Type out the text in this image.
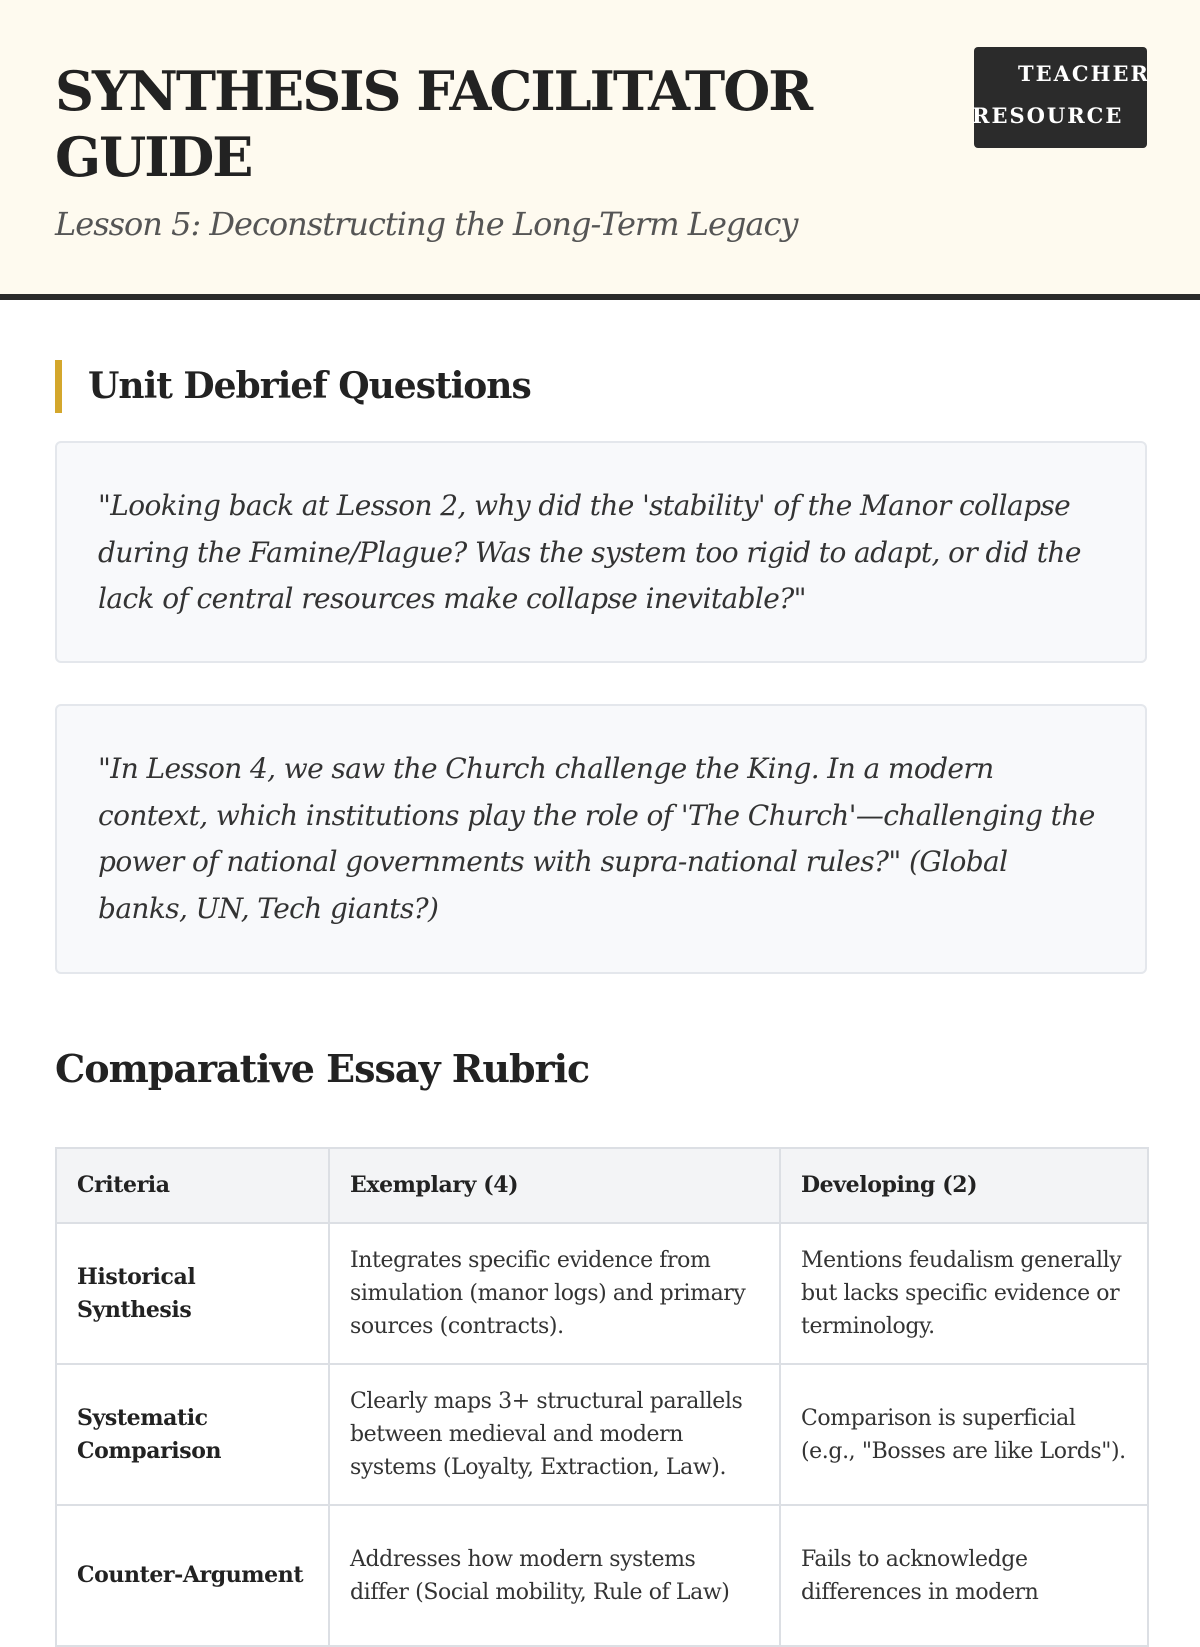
SYNTHESIS FACILITATOR GUIDE

Lesson 5: Deconstructing the Long-Term Legacy

TEACHER
RESOURCE
Unit Debrief Questions

"Looking back at Lesson 2, why did the 'stability' of the Manor collapse during the Famine/Plague? Was the system too rigid to adapt, or did the lack of central resources make collapse inevitable?"

"In Lesson 4, we saw the Church challenge the King. In a modern context, which institutions play the role of 'The Church'—challenging the power of national governments with supra-national rules?" (Global banks, UN, Tech giants?)

Comparative Essay Rubric
Criteria	Exemplary (4)	Developing (2)
Historical Synthesis	Integrates specific evidence from simulation (manor logs) and primary sources (contracts).	Mentions feudalism generally but lacks specific evidence or terminology.
Systematic Comparison	Clearly maps 3+ structural parallels between medieval and modern systems (Loyalty, Extraction, Law).	Comparison is superficial (e.g., "Bosses are like Lords").
Counter-Argument	Addresses how modern systems differ (Social mobility, Rule of Law)	Fails to acknowledge differences in modern
